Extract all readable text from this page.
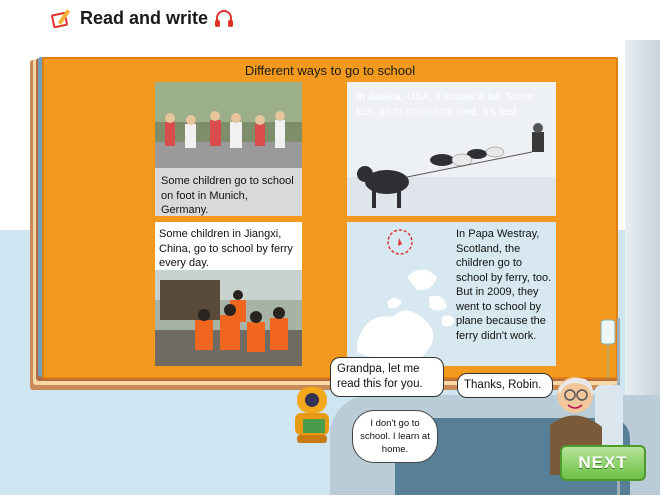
Read and write
Different ways to go to school
Some children go to school on foot in Munich, Germany.
In Alaska, USA, it snows a lot. Some kids go to school by sled. It's fast.
Some children in Jiangxi, China, go to school by ferry every day.
In Papa Westray, Scotland, the children go to school by ferry, too. But in 2009, they went to school by plane because the ferry didn't work.
Grandpa, let me read this for you.	Thanks, Robin.
I don't go to school. I learn at home.
NEXT
